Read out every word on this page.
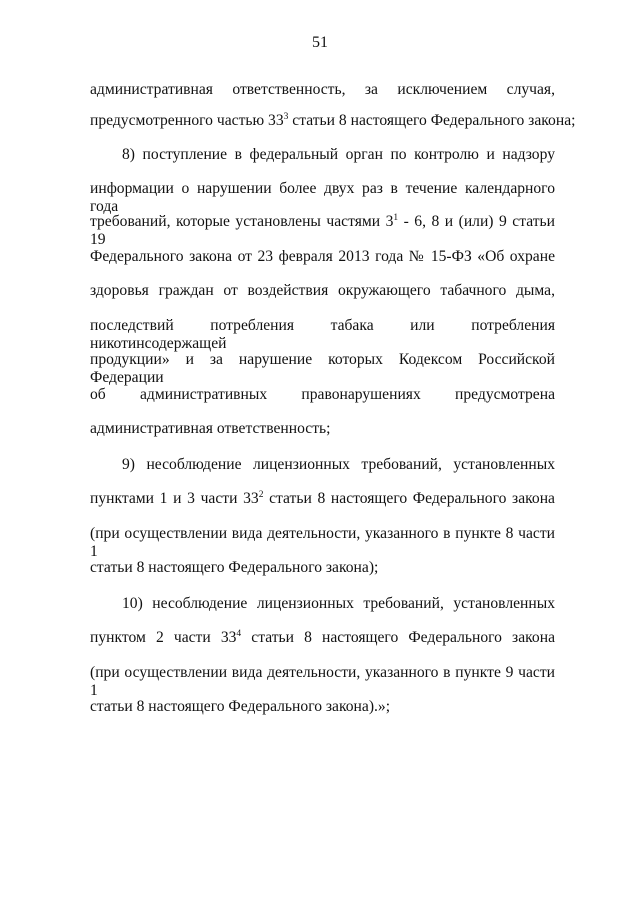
51
административная ответственность, за исключением случая,
предусмотренного частью $33^3$ статьи 8 настоящего Федерального закона;
8) поступление в федеральный орган по контролю и надзору
информации о нарушении более двух раз в течение календарного года
требований, которые установлены частями $3^1 - 6$, 8 и (или) 9 статьи 19
Федерального закона от 23 февраля 2013 года № 15-ФЗ «Об охране
здоровья граждан от воздействия окружающего табачного дыма,
последствий потребления табака или потребления никотинсодержащей
продукции» и за нарушение которых Кодексом Российской Федерации
об административных правонарушениях предусмотрена
административная ответственность;
9) несоблюдение лицензионных требований, установленных
пунктами 1 и 3 части $33^2$ статьи 8 настоящего Федерального закона
(при осуществлении вида деятельности, указанного в пункте 8 части 1
статьи 8 настоящего Федерального закона);
10) несоблюдение лицензионных требований, установленных
пунктом 2 части $33^4$ статьи 8 настоящего Федерального закона
(при осуществлении вида деятельности, указанного в пункте 9 части 1
статьи 8 настоящего Федерального закона).»;
